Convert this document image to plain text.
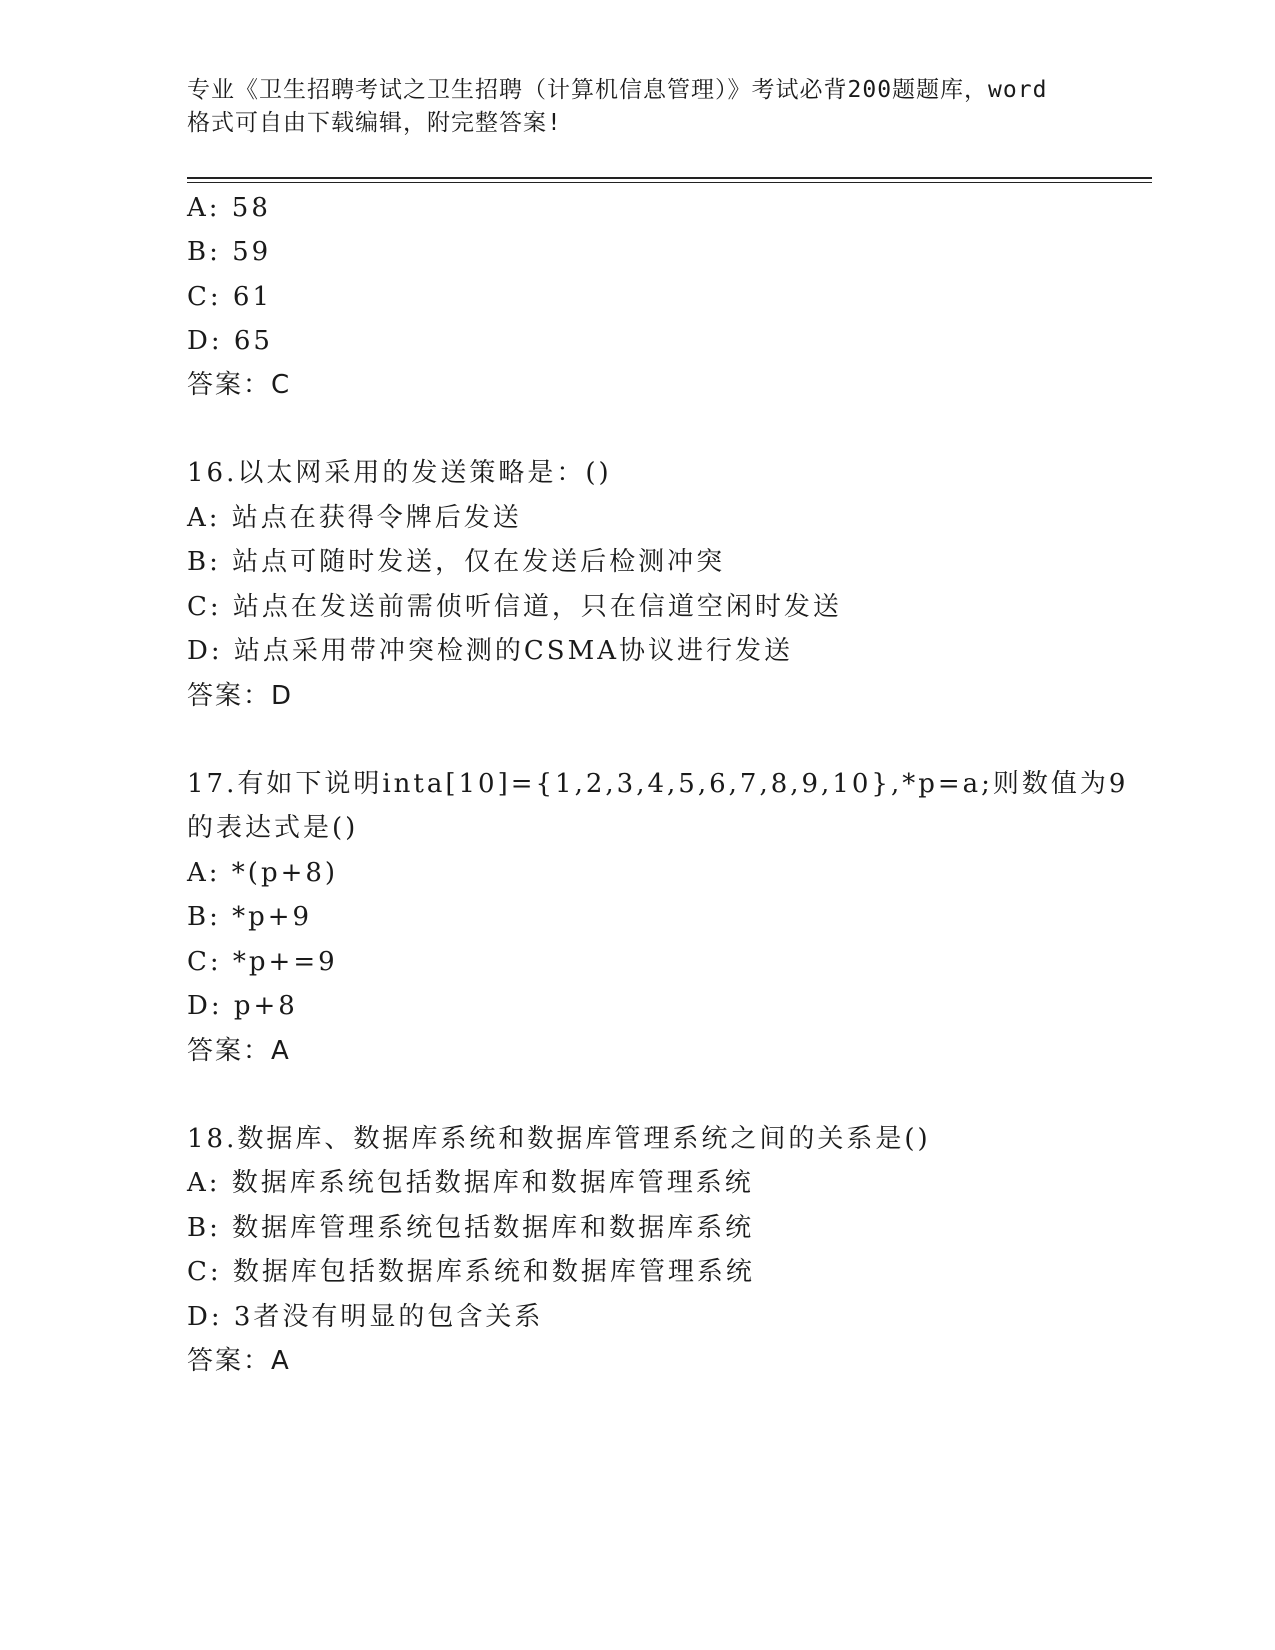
专业《卫生招聘考试之卫生招聘（计算机信息管理）》考试必背200题题库，word
格式可自由下载编辑，附完整答案!
A: 58
B: 59
C: 61
D: 65
答案：C
16.以太网采用的发送策略是：()
A: 站点在获得令牌后发送
B: 站点可随时发送，仅在发送后检测冲突
C: 站点在发送前需侦听信道，只在信道空闲时发送
D: 站点采用带冲突检测的CSMA协议进行发送
答案：D
17.有如下说明inta[10]={1,2,3,4,5,6,7,8,9,10},*p=a;则数值为9
的表达式是()
A: *(p+8)
B: *p+9
C: *p+=9
D: p+8
答案：A
18.数据库、数据库系统和数据库管理系统之间的关系是()
A: 数据库系统包括数据库和数据库管理系统
B: 数据库管理系统包括数据库和数据库系统
C: 数据库包括数据库系统和数据库管理系统
D: 3者没有明显的包含关系
答案：A
